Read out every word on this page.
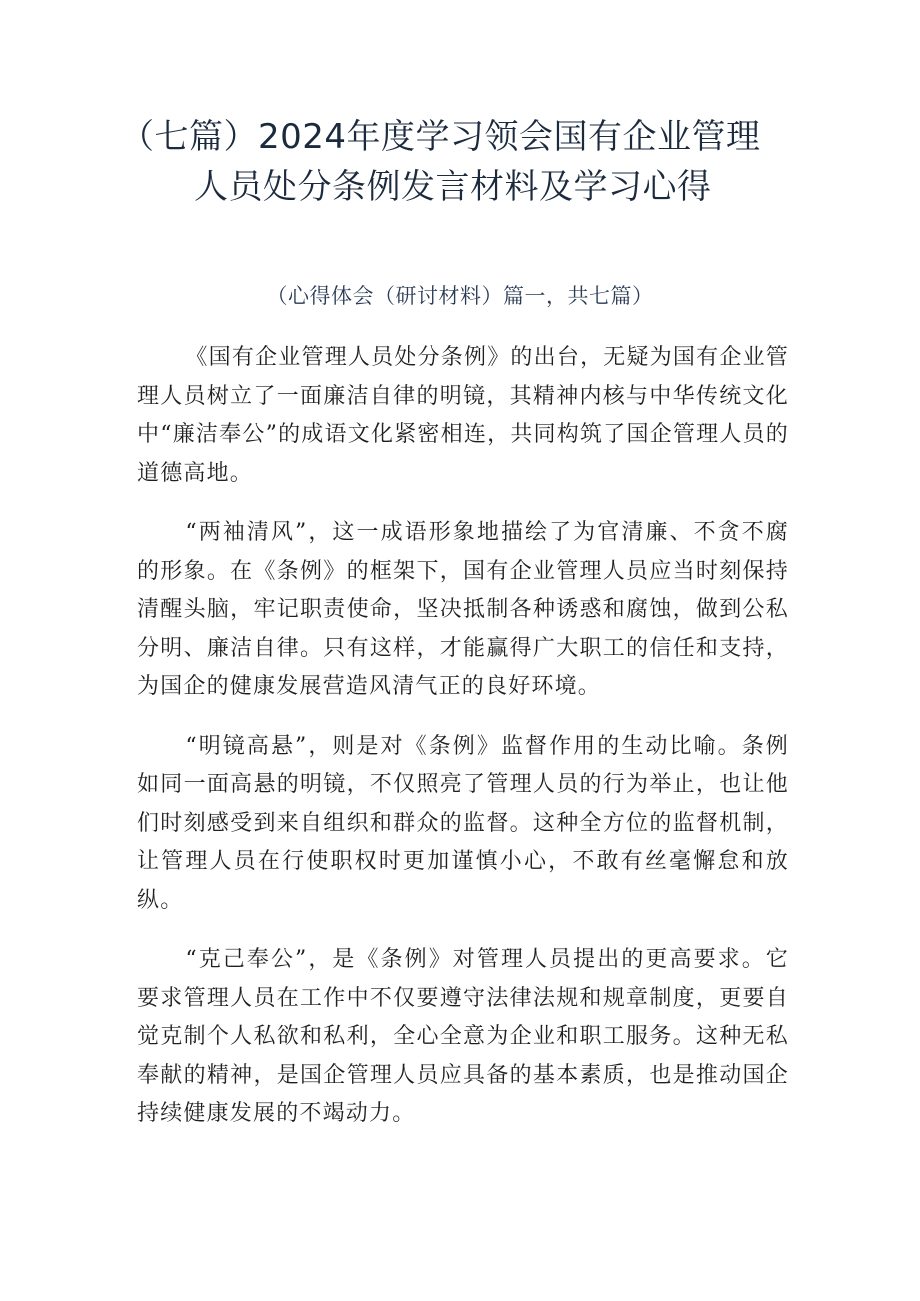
（七篇）2024年度学习领会国有企业管理
人员处分条例发言材料及学习心得
（心得体会（研讨材料）篇一，共七篇）

《国有企业管理人员处分条例》的出台，无疑为国有企业管理人员树立了一面廉洁自律的明镜，其精神内核与中华传统文化中“廉洁奉公”的成语文化紧密相连，共同构筑了国企管理人员的道德高地。

“两袖清风”，这一成语形象地描绘了为官清廉、不贪不腐的形象。在《条例》的框架下，国有企业管理人员应当时刻保持清醒头脑，牢记职责使命，坚决抵制各种诱惑和腐蚀，做到公私分明、廉洁自律。只有这样，才能赢得广大职工的信任和支持，为国企的健康发展营造风清气正的良好环境。

“明镜高悬”，则是对《条例》监督作用的生动比喻。条例如同一面高悬的明镜，不仅照亮了管理人员的行为举止，也让他们时刻感受到来自组织和群众的监督。这种全方位的监督机制，让管理人员在行使职权时更加谨慎小心，不敢有丝毫懈怠和放纵。

“克己奉公”，是《条例》对管理人员提出的更高要求。它要求管理人员在工作中不仅要遵守法律法规和规章制度，更要自觉克制个人私欲和私利，全心全意为企业和职工服务。这种无私奉献的精神，是国企管理人员应具备的基本素质，也是推动国企持续健康发展的不竭动力。
